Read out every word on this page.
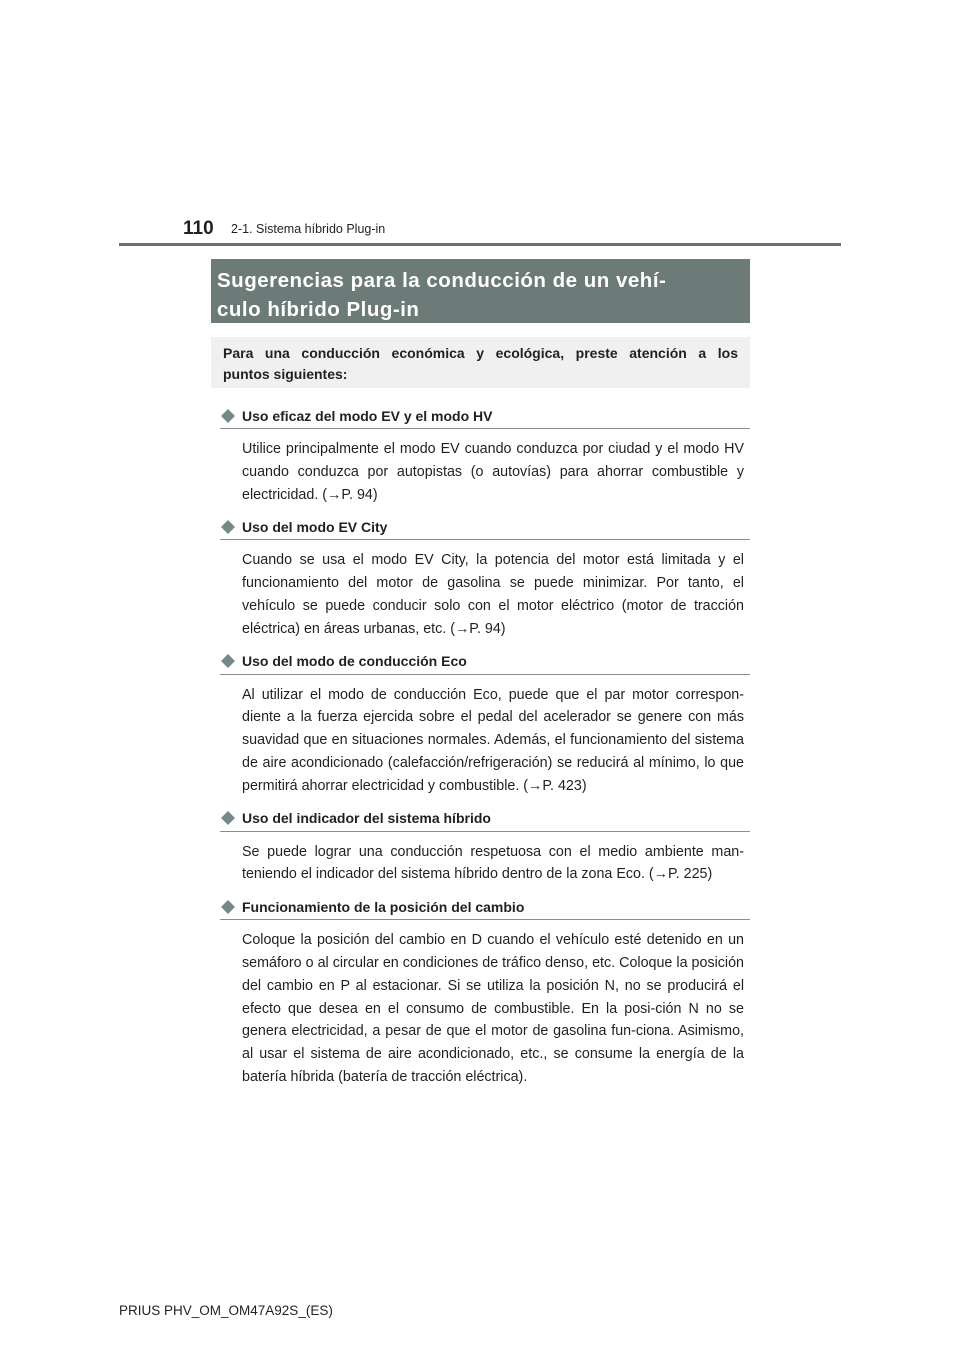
110 2-1. Sistema híbrido Plug-in

Sugerencias para la conducción de un vehí-
culo híbrido Plug-in

Para una conducción económica y ecológica, preste atención a los
puntos siguientes:

Uso eficaz del modo EV y el modo HV

Utilice principalmente el modo EV cuando conduzca por ciudad y el modo HV cuando conduzca por autopistas (o autovías) para ahorrar combustible y electricidad. (→P. 94)

Uso del modo EV City

Cuando se usa el modo EV City, la potencia del motor está limitada y el funcionamiento del motor de gasolina se puede minimizar. Por tanto, el vehículo se puede conducir solo con el motor eléctrico (motor de tracción eléctrica) en áreas urbanas, etc. (→P. 94)

Uso del modo de conducción Eco

Al utilizar el modo de conducción Eco, puede que el par motor correspon-diente a la fuerza ejercida sobre el pedal del acelerador se genere con más suavidad que en situaciones normales. Además, el funcionamiento del sistema de aire acondicionado (calefacción/refrigeración) se reducirá al mínimo, lo que permitirá ahorrar electricidad y combustible. (→P. 423)

Uso del indicador del sistema híbrido

Se puede lograr una conducción respetuosa con el medio ambiente man-teniendo el indicador del sistema híbrido dentro de la zona Eco. (→P. 225)

Funcionamiento de la posición del cambio

Coloque la posición del cambio en D cuando el vehículo esté detenido en un semáforo o al circular en condiciones de tráfico denso, etc. Coloque la posición del cambio en P al estacionar. Si se utiliza la posición N, no se producirá el efecto que desea en el consumo de combustible. En la posi-ción N no se genera electricidad, a pesar de que el motor de gasolina fun-ciona. Asimismo, al usar el sistema de aire acondicionado, etc., se consume la energía de la batería híbrida (batería de tracción eléctrica).

PRIUS PHV_OM_OM47A92S_(ES)
